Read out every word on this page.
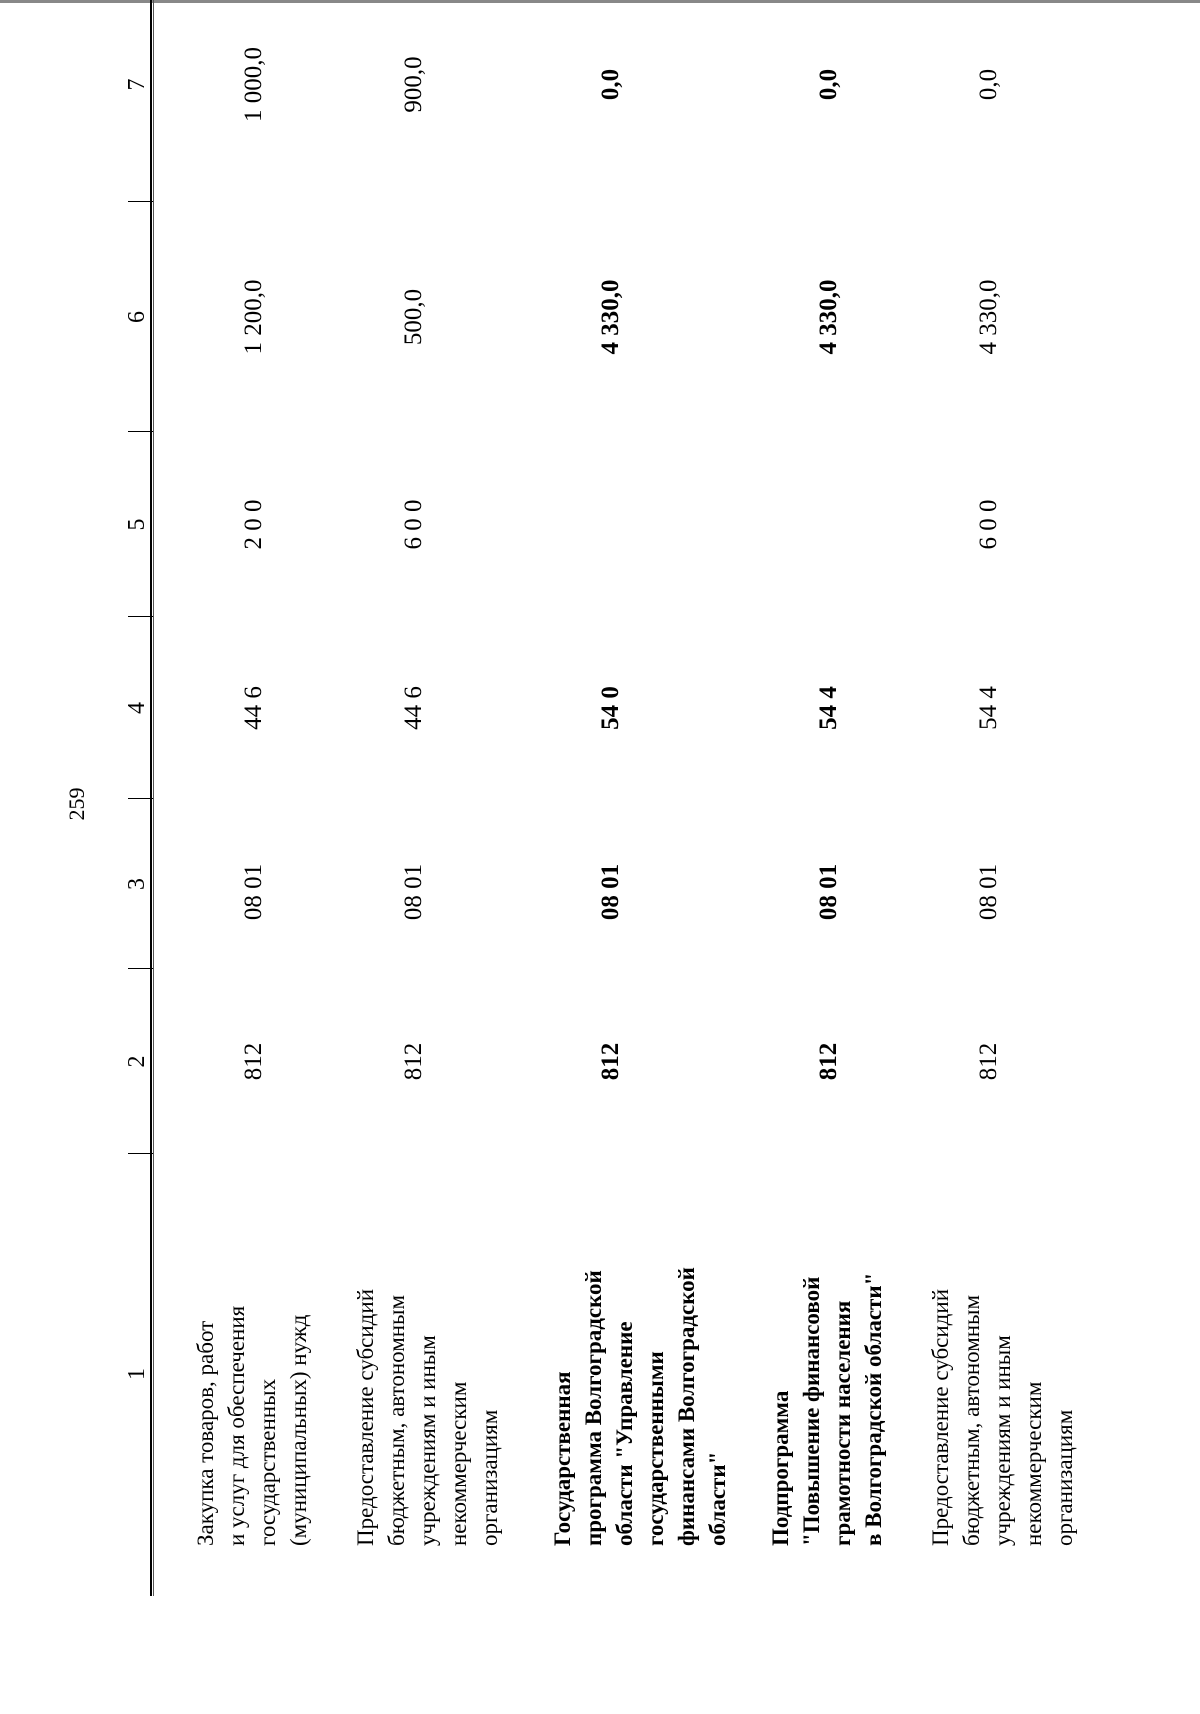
259
1
2
3
4
5
6
7
Закупка товаров, работ и услуг для обеспечения государственных (муниципальных) нужд
812
08 01
44 6
2 0 0
1 200,0
1 000,0
Предоставление субсидий бюджетным, автономным учреждениям и иным некоммерческим организациям
812
08 01
44 6
6 0 0
500,0
900,0
Государственная программа Волгоградской области "Управление государственными финансами Волгоградской области"
812
08 01
54 0
4 330,0
0,0
Подпрограмма "Повышение финансовой грамотности населения в Волгоградской области"
812
08 01
54 4
4 330,0
0,0
Предоставление субсидий бюджетным, автономным учреждениям и иным некоммерческим организациям
812
08 01
54 4
6 0 0
4 330,0
0,0
